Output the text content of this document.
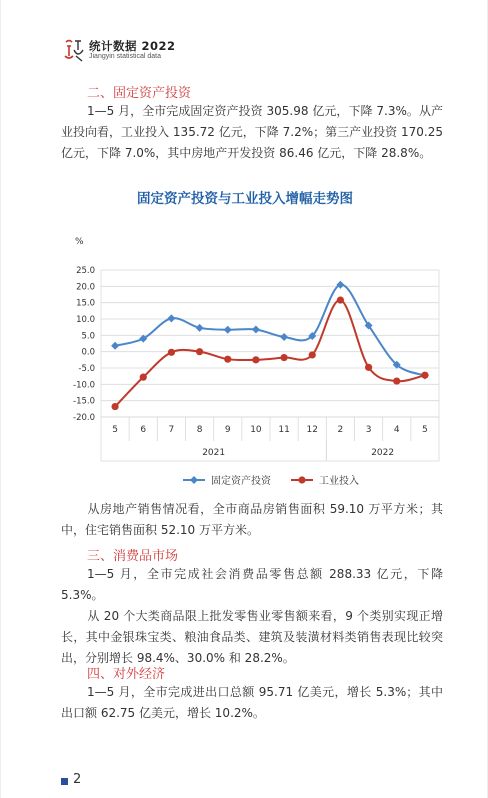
统计数据 2022
Jiangyin statistical data
二、固定资产投资
1—5 月，全市完成固定资产投资 305.98 亿元，下降 7.3%。从产业投向看，工业投入 135.72 亿元，下降 7.2%；第三产业投资 170.25 亿元，下降 7.0%，其中房地产开发投资 86.46 亿元，下降 28.8%。
固定资产投资与工业投入增幅走势图
%
25.0
20.0
15.0
10.0
5.0
0.0
-5.0
-10.0
-15.0
-20.0
2021	2022
5 6 7 8 9 10 11 12 2 3 4 5
固定资产投资	工业投入
从房地产销售情况看，全市商品房销售面积 59.10 万平方米；其中，住宅销售面积 52.10 万平方米。
三、消费品市场
1—5 月，全市完成社会消费品零售总额 288.33 亿元，下降 5.3%。
从 20 个大类商品限上批发零售业零售额来看，9 个类别实现正增长，其中金银珠宝类、粮油食品类、建筑及装潢材料类销售表现比较突出，分别增长 98.4%、30.0% 和 28.2%。
四、对外经济
1—5 月，全市完成进出口总额 95.71 亿美元，增长 5.3%；其中出口额 62.75 亿美元，增长 10.2%。
2
